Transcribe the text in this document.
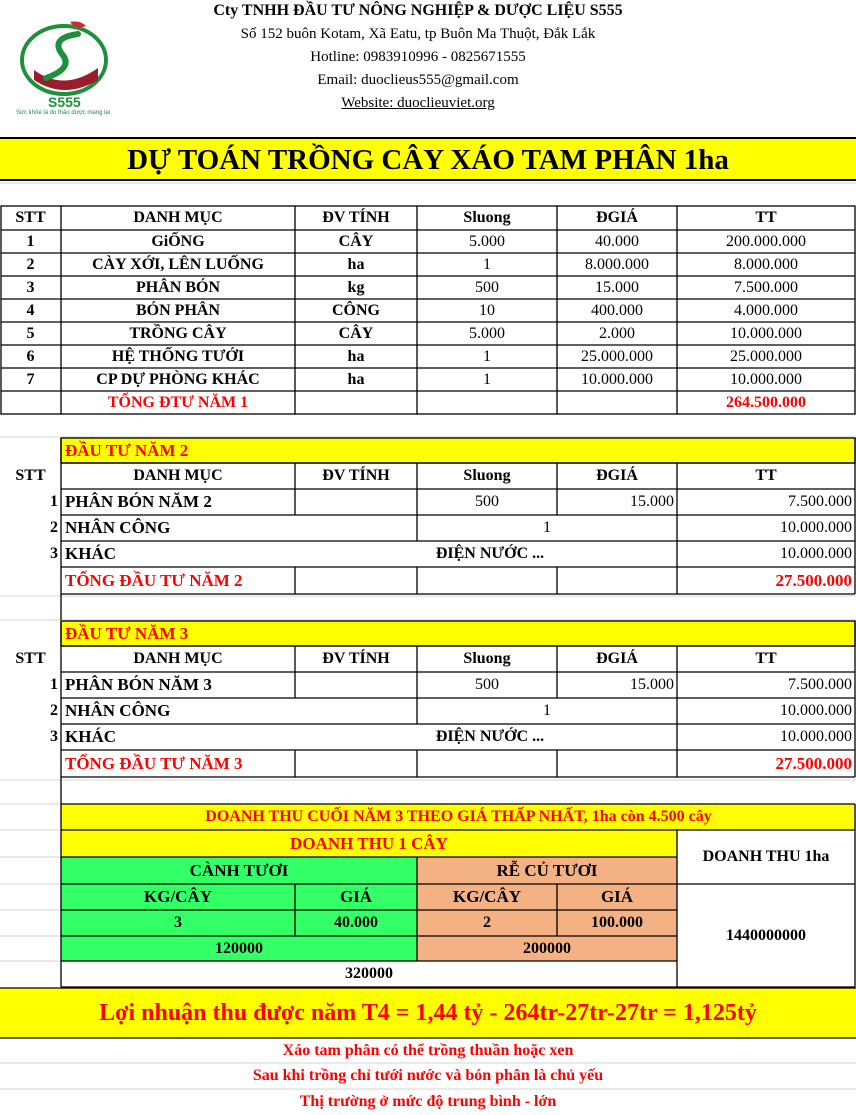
S555
Sức khỏe là do thảo dược mang lại
Cty TNHH ĐẦU TƯ NÔNG NGHIỆP & DƯỢC LIỆU S555
Số 152 buôn Kotam, Xã Eatu, tp Buôn Ma Thuột, Đắk Lắk
Hotline: 0983910996 - 0825671555
Email: duoclieus555@gmail.com
Website: duoclieuviet.org
DỰ TOÁN TRỒNG CÂY XÁO TAM PHÂN 1ha
STT	DANH MỤC	ĐV TÍNH	Sluong	ĐGIÁ	TT
1	GiỐNG	CÂY	5.000	40.000	200.000.000
2	CÀY XỚI, LÊN LUỐNG	ha	1	8.000.000	8.000.000
3	PHÂN BÓN	kg	500	15.000	7.500.000
4	BÓN PHÂN	CÔNG	10	400.000	4.000.000
5	TRỒNG CÂY	CÂY	5.000	2.000	10.000.000
6	HỆ THỐNG TƯỚI	ha	1	25.000.000	25.000.000
7	CP DỰ PHÒNG KHÁC	ha	1	10.000.000	10.000.000
TỔNG ĐTƯ NĂM 1	264.500.000
ĐẦU TƯ NĂM 2
STT	DANH MỤC	ĐV TÍNH	Sluong	ĐGIÁ	TT
1 PHÂN BÓN NĂM 2	500	15.000	7.500.000
2 NHÂN CÔNG	1	10.000.000
3 KHÁC	ĐIỆN NƯỚC ...	10.000.000
TỔNG ĐẦU TƯ NĂM 2	27.500.000
ĐẦU TƯ NĂM 3
STT	DANH MỤC	ĐV TÍNH	Sluong	ĐGIÁ	TT
1 PHÂN BÓN NĂM 3	500	15.000	7.500.000
2 NHÂN CÔNG	1	10.000.000
3 KHÁC	ĐIỆN NƯỚC ...	10.000.000
TỔNG ĐẦU TƯ NĂM 3	27.500.000
DOANH THU CUỐI NĂM 3 THEO GIÁ THẤP NHẤT, 1ha còn 4.500 cây
DOANH THU 1 CÂY
DOANH THU 1ha
CÀNH TƯƠI	RỄ CỦ TƯƠI
KG/CÂY	GIÁ	KG/CÂY	GIÁ
3	40.000	2	100.000
120000	200000
320000
1440000000
Lợi nhuận thu được năm T4 = 1,44 tỷ - 264tr-27tr-27tr = 1,125tỷ
Xáo tam phân có thể trồng thuần hoặc xen
Sau khi trồng chỉ tưới nước và bón phân là chủ yếu
Thị trường ở mức độ trung bình - lớn
